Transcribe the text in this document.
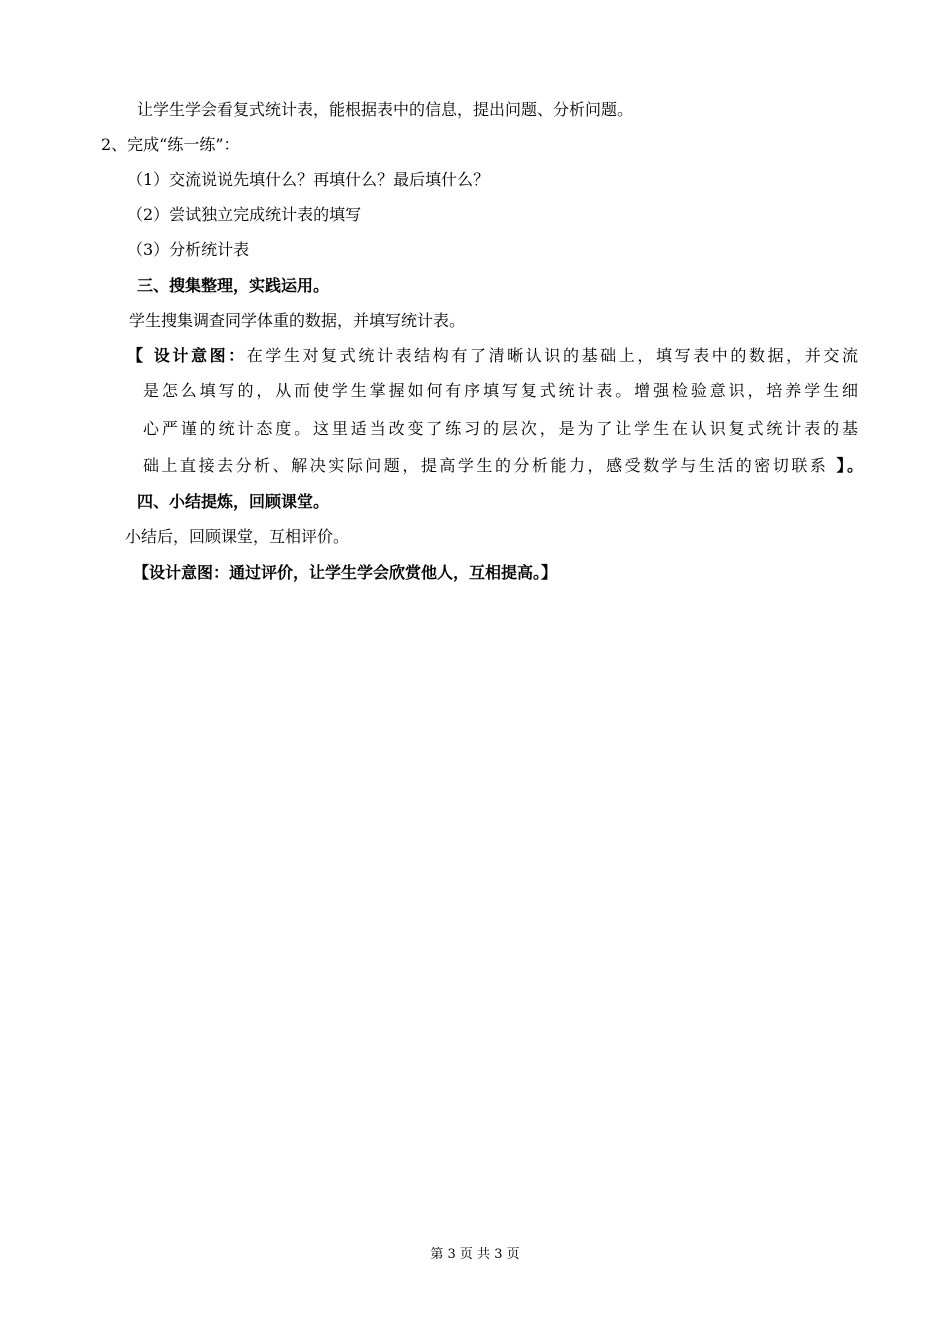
让学生学会看复式统计表，能根据表中的信息，提出问题、分析问题。
2、完成“练一练”：
（1）交流说说先填什么？再填什么？最后填什么？
（2）尝试独立完成统计表的填写
（3）分析统计表
三、搜集整理，实践运用。
学生搜集调查同学体重的数据，并填写统计表。
【 设计意图：在学生对复式统计表结构有了清晰认识的基础上，填写表中的数据，并交流
是怎么填写的，从而使学生掌握如何有序填写复式统计表。增强检验意识，培养学生细
心严谨的统计态度。这里适当改变了练习的层次，是为了让学生在认识复式统计表的基
础上直接去分析、解决实际问题，提高学生的分析能力，感受数学与生活的密切联系 】。
四、小结提炼，回顾课堂。
小结后，回顾课堂，互相评价。
【设计意图：通过评价，让学生学会欣赏他人，互相提高。】
第 3 页 共 3 页
